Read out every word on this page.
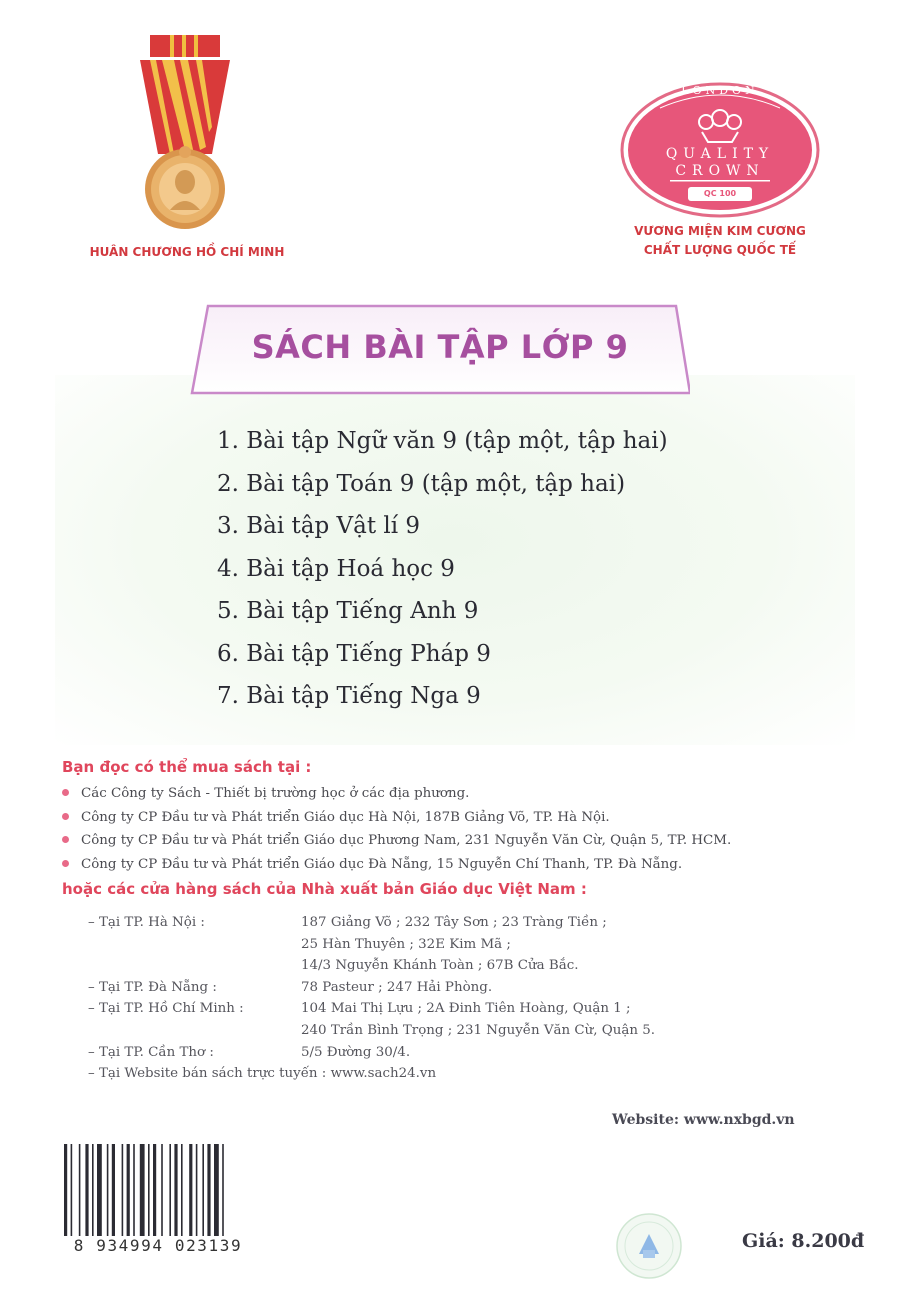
HUÂN CHƯƠNG HỒ CHÍ MINH
LONDON
QUALITY
CROWN
QC 100
VƯƠNG MIỆN KIM CƯƠNG
CHẤT LƯỢNG QUỐC TẾ
SÁCH BÀI TẬP LỚP 9
1. Bài tập Ngữ văn 9 (tập một, tập hai)
2. Bài tập Toán 9 (tập một, tập hai)
3. Bài tập Vật lí 9
4. Bài tập Hoá học 9
5. Bài tập Tiếng Anh 9
6. Bài tập Tiếng Pháp 9
7. Bài tập Tiếng Nga 9
Bạn đọc có thể mua sách tại :
Các Công ty Sách - Thiết bị trường học ở các địa phương.
Công ty CP Đầu tư và Phát triển Giáo dục Hà Nội, 187B Giảng Võ, TP. Hà Nội.
Công ty CP Đầu tư và Phát triển Giáo dục Phương Nam, 231 Nguyễn Văn Cừ, Quận 5, TP. HCM.
Công ty CP Đầu tư và Phát triển Giáo dục Đà Nẵng, 15 Nguyễn Chí Thanh, TP. Đà Nẵng.
hoặc các cửa hàng sách của Nhà xuất bản Giáo dục Việt Nam :
– Tại TP. Hà Nội :	187 Giảng Võ ; 232 Tây Sơn ; 23 Tràng Tiền ;
25 Hàn Thuyên ; 32E Kim Mã ;
14/3 Nguyễn Khánh Toàn ; 67B Cửa Bắc.
– Tại TP. Đà Nẵng :	78 Pasteur ; 247 Hải Phòng.
– Tại TP. Hồ Chí Minh :	104 Mai Thị Lựu ; 2A Đinh Tiên Hoàng, Quận 1 ;
240 Trần Bình Trọng ; 231 Nguyễn Văn Cừ, Quận 5.
– Tại TP. Cần Thơ :	5/5 Đường 30/4.
– Tại Website bán sách trực tuyến : www.sach24.vn
Website: www.nxbgd.vn
8 934994 023139	Giá: 8.200đ
